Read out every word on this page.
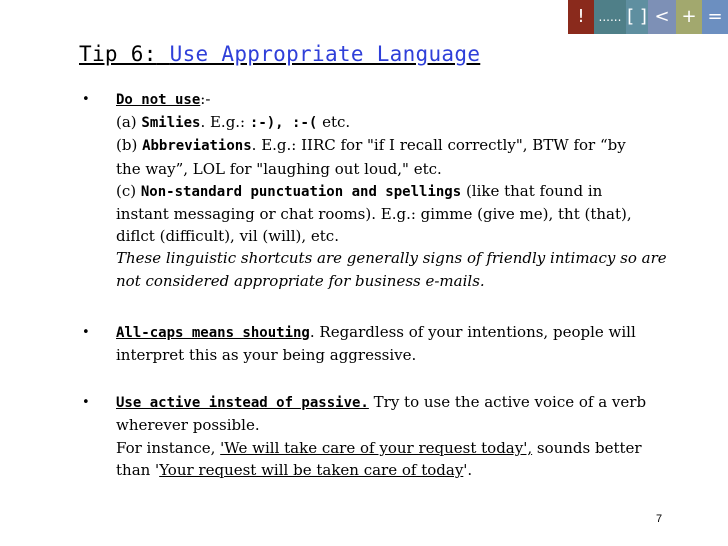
!	...... [ ] < >
+ =
Tip 6: Use Appropriate Language
• Do not use:-
(a) Smilies. E.g.: :-), :-( etc.
(b) Abbreviations. E.g.: IIRC for "if I recall correctly", BTW for “by
the way”, LOL for "laughing out loud," etc.
(c) Non-standard punctuation and spellings (like that found in
instant messaging or chat rooms). E.g.: gimme (give me), tht (that),
diflct (difficult), vil (will), etc.
These linguistic shortcuts are generally signs of friendly intimacy so are
not considered appropriate for business e-mails.
• All-caps means shouting. Regardless of your intentions, people will
interpret this as your being aggressive.
• Use active instead of passive. Try to use the active voice of a verb
wherever possible.
For instance, 'We will take care of your request today', sounds better
than 'Your request will be taken care of today'.
7
